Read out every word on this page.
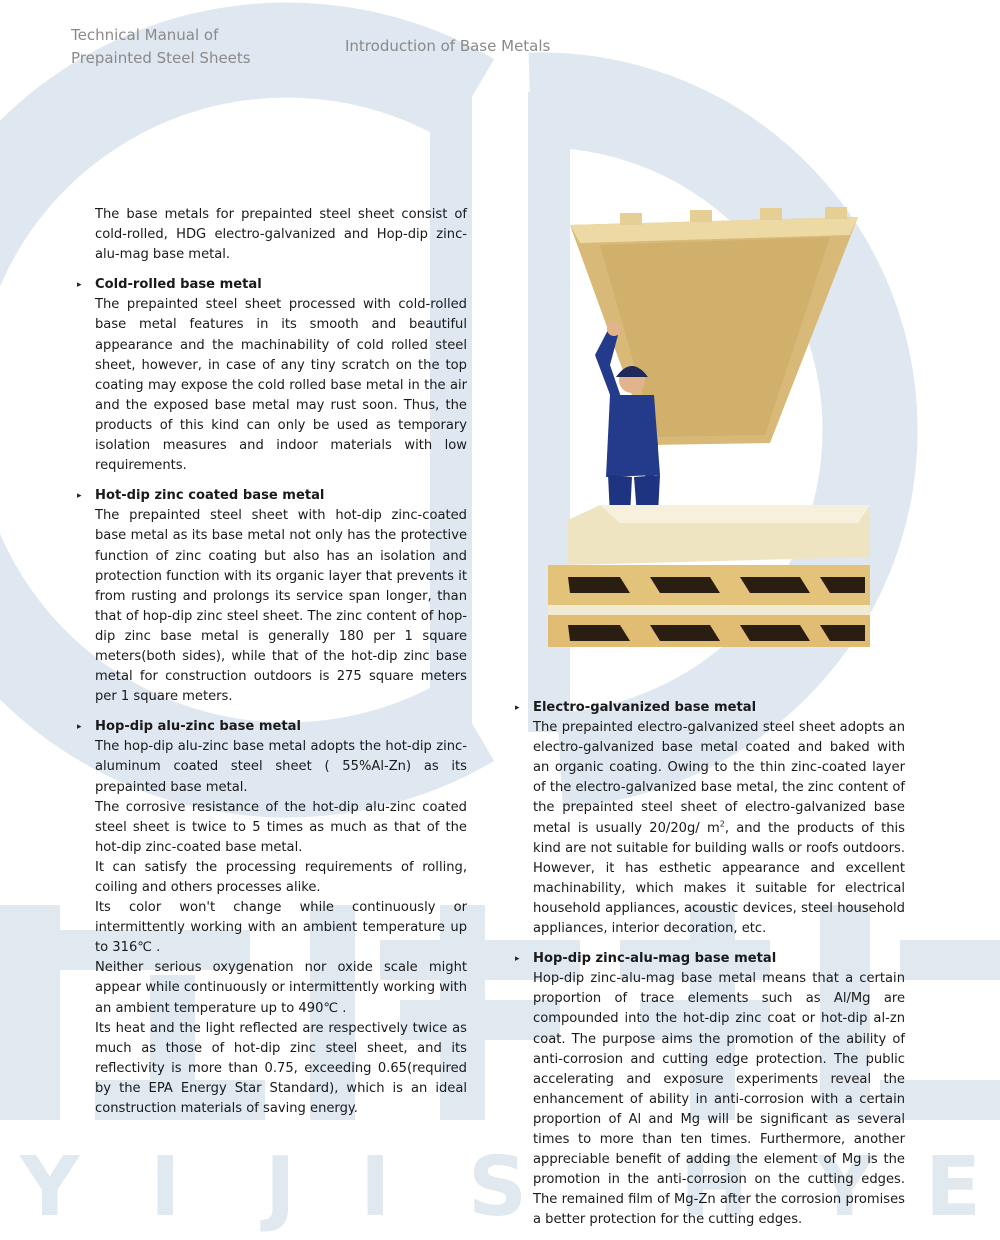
Y I J I S H Y E
Technical Manual of
Prepainted Steel Sheets
Introduction of Base Metals

The base metals for prepainted steel sheet consist of cold-rolled, HDG electro-galvanized and Hop-dip zinc-alu-mag base metal.

▸ Cold-rolled base metal

The prepainted steel sheet processed with cold-rolled base metal features in its smooth and beautiful appearance and the machinability of cold rolled steel sheet, however, in case of any tiny scratch on the top coating may expose the cold rolled base metal in the air and the exposed base metal may rust soon. Thus, the products of this kind can only be used as temporary isolation measures and indoor materials with low requirements.

▸ Hot-dip zinc coated base metal

The prepainted steel sheet with hot-dip zinc-coated base metal as its base metal not only has the protective function of zinc coating but also has an isolation and protection function with its organic layer that prevents it from rusting and prolongs its service span longer, than that of hop-dip zinc steel sheet. The zinc content of hop-dip zinc base metal is generally 180 per 1 square meters(both sides), while that of the hot-dip zinc base metal for construction outdoors is 275 square meters per 1 square meters.

▸ Hop-dip alu-zinc base metal

The hop-dip alu-zinc base metal adopts the hot-dip zinc-aluminum coated steel sheet ( 55%Al-Zn) as its prepainted base metal.

The corrosive resistance of the hot-dip alu-zinc coated steel sheet is twice to 5 times as much as that of the hot-dip zinc-coated base metal.

It can satisfy the processing requirements of rolling, coiling and others processes alike.

Its color won't change while continuously or intermittently working with an ambient temperature up to 316℃ .

Neither serious oxygenation nor oxide scale might appear while continuously or intermittently working with an ambient temperature up to 490℃ .

Its heat and the light reflected are respectively twice as much as those of hot-dip zinc steel sheet, and its reflectivity is more than 0.75, exceeding 0.65(required by the EPA Energy Star Standard), which is an ideal construction materials of saving energy.

▸ Electro-galvanized base metal

The prepainted electro-galvanized steel sheet adopts an electro-galvanized base metal coated and baked with an organic coating. Owing to the thin zinc-coated layer of the electro-galvanized base metal, the zinc content of the prepainted steel sheet of electro-galvanized base metal is usually 20/20g/ $m^2$, and the products of this kind are not suitable for building walls or roofs outdoors. However, it has esthetic appearance and excellent machinability, which makes it suitable for electrical household appliances, acoustic devices, steel household appliances, interior decoration, etc.

▸ Hop-dip zinc-alu-mag base metal

Hop-dip zinc-alu-mag base metal means that a certain proportion of trace elements such as Al/Mg are compounded into the hot-dip zinc coat or hot-dip al-zn coat. The purpose aims the promotion of the ability of anti-corrosion and cutting edge protection. The public accelerating and exposure experiments reveal the enhancement of ability in anti-corrosion with a certain proportion of Al and Mg will be significant as several times to more than ten times. Furthermore, another appreciable benefit of adding the element of Mg is the promotion in the anti-corrosion on the cutting edges. The remained film of Mg-Zn after the corrosion promises a better protection for the cutting edges.
